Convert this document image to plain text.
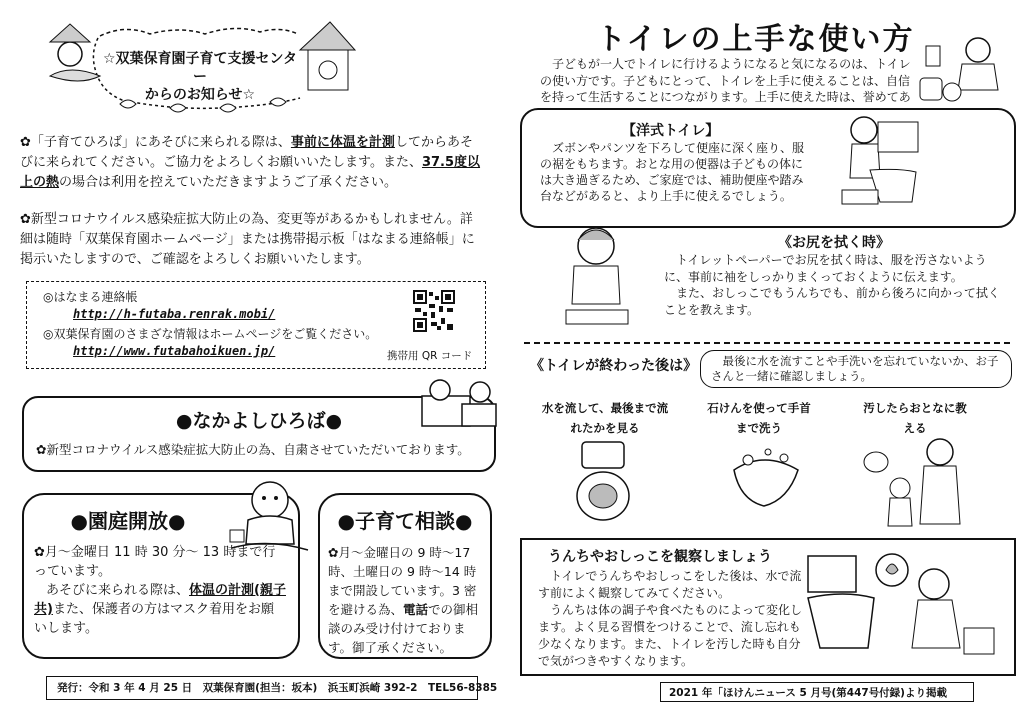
☆双葉保育園子育て支援センター
からのお知らせ☆
✿「子育てひろば」にあそびに来られる際は、事前に体温を計測してからあそびに来られてください。ご協力をよろしくお願いいたします。また、37.5度以上の熱の場合は利用を控えていただきますようご了承ください。
✿新型コロナウイルス感染症拡大防止の為、変更等があるかもしれません。詳細は随時「双葉保育園ホームページ」または携帯掲示板「はなまる連絡帳」に掲示いたしますので、ご確認をよろしくお願いいたします。
◎はなまる連絡帳
http://h-futaba.renrak.mobi/
◎双葉保育園のさまざな情報はホームページをご覧ください。
http://www.futabahoikuen.jp/	携帯用 QR コード
●なかよしひろば●
✿新型コロナウイルス感染症拡大防止の為、自粛させていただいております。
●園庭開放●
✿月～金曜日 11 時 30 分～ 13 時まで行っています。
あそびに来られる際は、体温の計測(親子共)また、保護者の方はマスク着用をお願いします。
●子育て相談●
✿月～金曜日の 9 時～17 時、土曜日の 9 時～14 時まで開設しています。3 密を避ける為、電話での御相談のみ受け付けております。御了承ください。
発行：令和 3 年 4 月 25 日　双葉保育園(担当：坂本)　浜玉町浜崎 392-2　TEL56-8385
トイレの上手な使い方
子どもが一人でトイレに行けるようになると気になるのは、トイレの使い方です。子どもにとって、トイレを上手に使えることは、自信を持って生活することにつながります。上手に使えた時は、誉めてあ
【洋式トイレ】
ズボンやパンツを下ろして便座に深く座り、服の裾をもちます。おとな用の便器は子どもの体には大き過ぎるため、ご家庭では、補助便座や踏み台などがあると、より上手に使えるでしょう。
《お尻を拭く時》
トイレットペーパーでお尻を拭く時は、服を汚さないように、事前に袖をしっかりまくっておくように伝えます。
また、おしっこでもうんちでも、前から後ろに向かって拭くことを教えます。
《トイレが終わった後は》	最後に水を流すことや手洗いを忘れていないか、お子さんと一緒に確認しましょう。
水を流して、最後まで流れたかを見る
石けんを使って手首まで洗う
汚したらおとなに教える
うんちやおしっこを観察しましょう
トイレでうんちやおしっこをした後は、水で流す前によく観察してみてください。
うんちは体の調子や食べたものによって変化します。よく見る習慣をつけることで、流し忘れも少なくなります。また、トイレを汚した時も自分で気がつきやすくなります。
2021 年「ほけんニュース 5 月号(第447号付録)より掲載
